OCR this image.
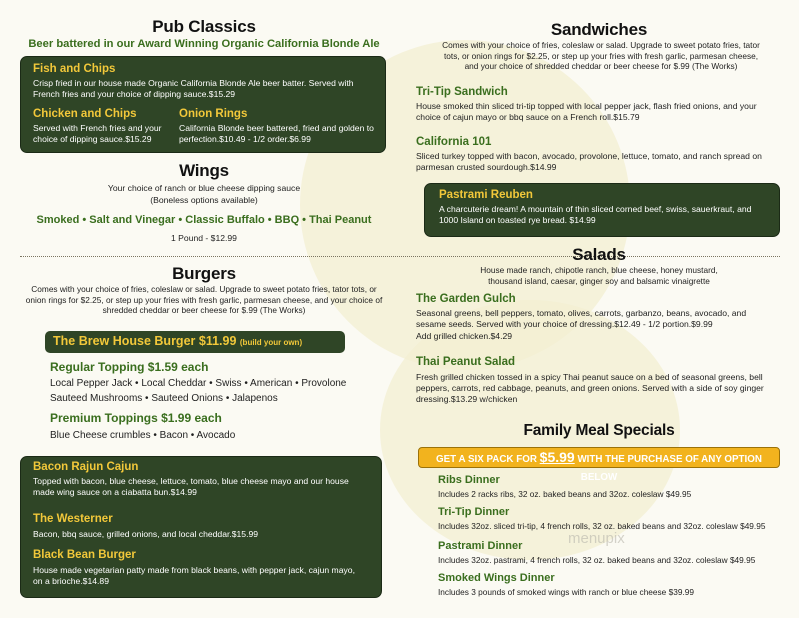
Pub Classics
Beer battered in our Award Winning Organic California Blonde Ale
Fish and Chips
Crisp fried in our house made Organic California Blonde Ale beer batter. Served with French fries and your choice of dipping sauce.$15.29
Chicken and Chips
Served with French fries and your choice of dipping sauce.$15.29
Onion Rings
California Blonde beer battered, fried and golden to perfection.$10.49 - 1/2 order.$6.99
Wings
Your choice of ranch or blue cheese dipping sauce
(Boneless options available)
Smoked • Salt and Vinegar • Classic Buffalo • BBQ • Thai Peanut
1 Pound - $12.99
Burgers
Comes with your choice of fries, coleslaw or salad. Upgrade to sweet potato fries, tator tots, or onion rings for $2.25, or step up your fries with fresh garlic, parmesan cheese, and your choice of shredded cheddar or beer cheese for $.99 (The Works)
The Brew House Burger $11.99 (build your own)
Regular Topping $1.59 each
Local Pepper Jack • Local Cheddar • Swiss • American • Provolone
Sauteed Mushrooms • Sauteed Onions • Jalapenos
Premium Toppings $1.99 each
Blue Cheese crumbles • Bacon • Avocado
Bacon Rajun Cajun
Topped with bacon, blue cheese, lettuce, tomato, blue cheese mayo and our house made wing sauce on a ciabatta bun.$14.99
The Westerner
Bacon, bbq sauce, grilled onions, and local cheddar.$15.99
Black Bean Burger
House made vegetarian patty made from black beans, with pepper jack, cajun mayo, on a brioche.$14.89
Sandwiches
Comes with your choice of fries, coleslaw or salad. Upgrade to sweet potato fries, tator tots, or onion rings for $2.25, or step up your fries with fresh garlic, parmesan cheese, and your choice of shredded cheddar or beer cheese for $.99 (The Works)
Tri-Tip Sandwich
House smoked thin sliced tri-tip topped with local pepper jack, flash fried onions, and your choice of cajun mayo or bbq sauce on a French roll.$15.79
California 101
Sliced turkey topped with bacon, avocado, provolone, lettuce, tomato, and ranch spread on parmesan crusted sourdough.$14.99
Pastrami Reuben
A charcuterie dream! A mountain of thin sliced corned beef, swiss, sauerkraut, and 1000 Island on toasted rye bread. $14.99
Salads
House made ranch, chipotle ranch, blue cheese, honey mustard, thousand island, caesar, ginger soy and balsamic vinaigrette
The Garden Gulch
Seasonal greens, bell peppers, tomato, olives, carrots, garbanzo, beans, avocado, and sesame seeds. Served with your choice of dressing.$12.49 - 1/2 portion.$9.99
Add grilled chicken.$4.29
Thai Peanut Salad
Fresh grilled chicken tossed in a spicy Thai peanut sauce on a bed of seasonal greens, bell peppers, carrots, red cabbage, peanuts, and green onions. Served with a side of soy ginger dressing.$13.29 w/chicken
Family Meal Specials
GET A SIX PACK FOR $5.99 WITH THE PURCHASE OF ANY OPTION BELOW
Ribs Dinner
Includes 2 racks ribs, 32 oz. baked beans and 32oz. coleslaw $49.95
Tri-Tip Dinner
Includes 32oz. sliced tri-tip, 4 french rolls, 32 oz. baked beans and 32oz. coleslaw $49.95
Pastrami Dinner
Includes 32oz. pastrami, 4 french rolls, 32 oz. baked beans and 32oz. coleslaw $49.95
Smoked Wings Dinner
Includes 3 pounds of smoked wings with ranch or blue cheese $39.99
menupix
